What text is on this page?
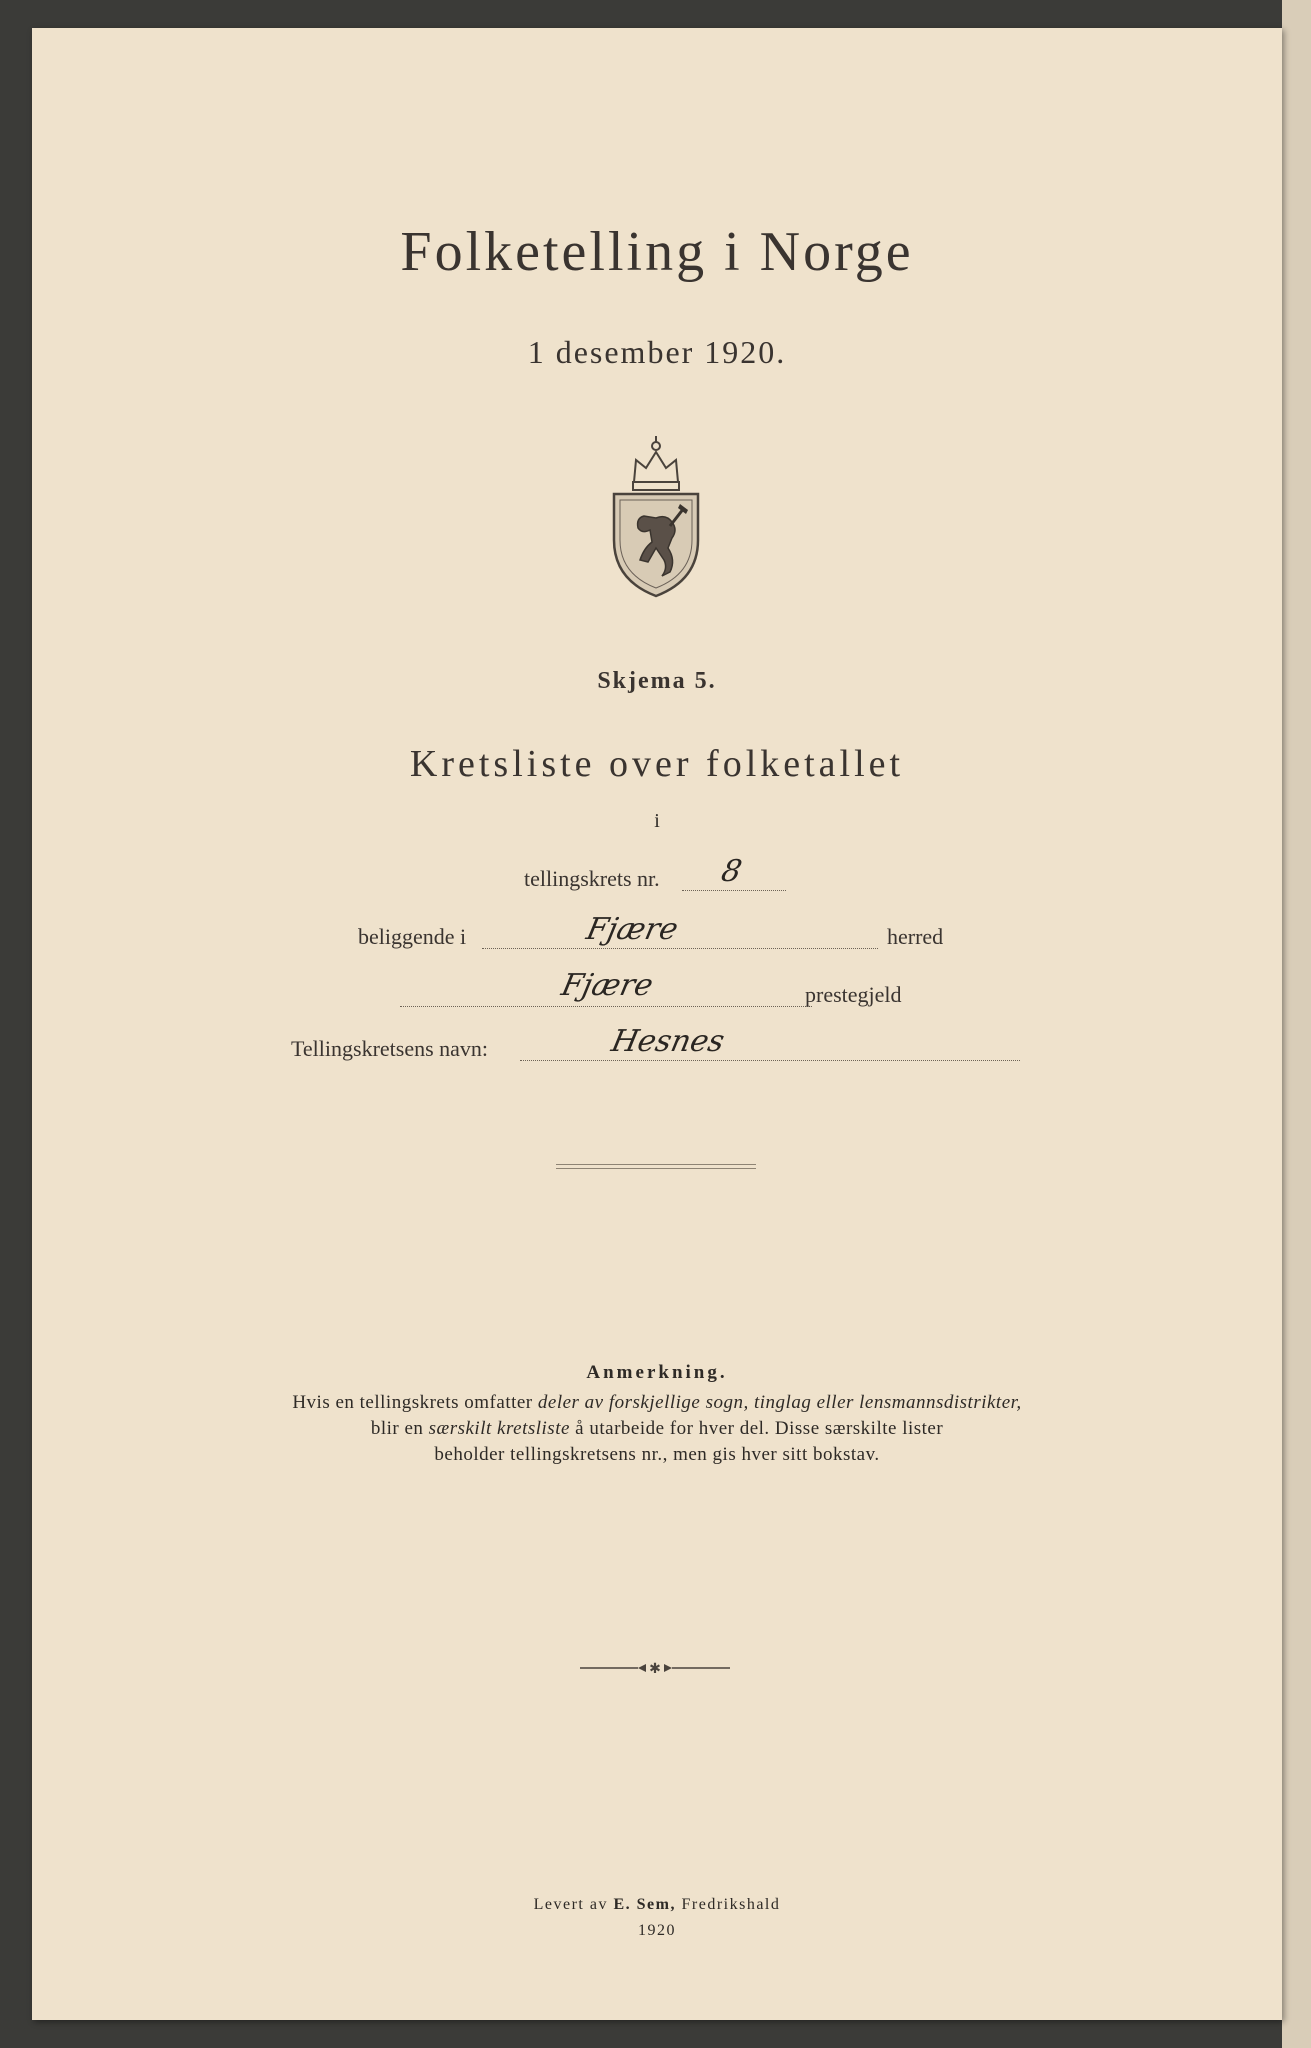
Folketelling i Norge
1 desember 1920.
Skjema 5.
Kretsliste over folketallet
i
tellingskrets nr. 8
beliggende i	Fjære	herred
Fjære	prestegjeld
Tellingskretsens navn:	Hesnes
Anmerkning.
Hvis en tellingskrets omfatter deler av forskjellige sogn, tinglag eller lensmannsdistrikter,
blir en særskilt kretsliste å utarbeide for hver del. Disse særskilte lister
beholder tellingskretsens nr., men gis hver sitt bokstav.
✱
Levert av E. Sem, Fredrikshald
1920
